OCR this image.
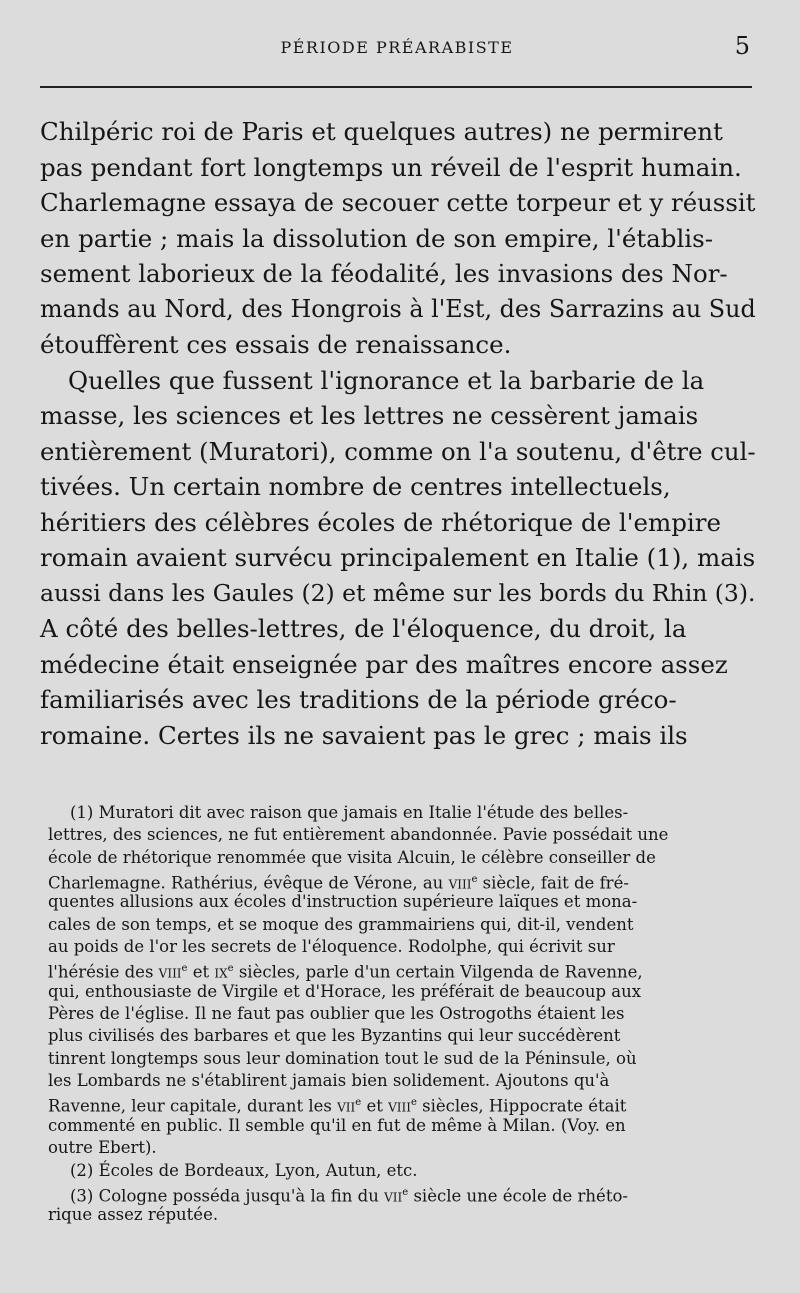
PÉRIODE PRÉARABISTE	5
Chilpéric roi de Paris et quelques autres) ne permirent
pas pendant fort longtemps un réveil de l'esprit humain.
Charlemagne essaya de secouer cette torpeur et y réussit
en partie ; mais la dissolution de son empire, l'établis-
sement laborieux de la féodalité, les invasions des Nor-
mands au Nord, des Hongrois à l'Est, des Sarrazins au Sud
étouffèrent ces essais de renaissance.
Quelles que fussent l'ignorance et la barbarie de la
masse, les sciences et les lettres ne cessèrent jamais
entièrement (Muratori), comme on l'a soutenu, d'être cul-
tivées. Un certain nombre de centres intellectuels,
héritiers des célèbres écoles de rhétorique de l'empire
romain avaient survécu principalement en Italie (1), mais
aussi dans les Gaules (2) et même sur les bords du Rhin (3).
A côté des belles-lettres, de l'éloquence, du droit, la
médecine était enseignée par des maîtres encore assez
familiarisés avec les traditions de la période gréco-
romaine. Certes ils ne savaient pas le grec ; mais ils
(1) Muratori dit avec raison que jamais en Italie l'étude des belles-
lettres, des sciences, ne fut entièrement abandonnée. Pavie possédait une
école de rhétorique renommée que visita Alcuin, le célèbre conseiller de
Charlemagne. Rathérius, évêque de Vérone, au viii$^e$ siècle, fait de fré-
quentes allusions aux écoles d'instruction supérieure laïques et mona-
cales de son temps, et se moque des grammairiens qui, dit-il, vendent
au poids de l'or les secrets de l'éloquence. Rodolphe, qui écrivit sur
l'hérésie des viii$^e$ et $ix^e$ siècles, parle d'un certain Vilgenda de Ravenne,
qui, enthousiaste de Virgile et d'Horace, les préférait de beaucoup aux
Pères de l'église. Il ne faut pas oublier que les Ostrogoths étaient les
plus civilisés des barbares et que les Byzantins qui leur succédèrent
tinrent longtemps sous leur domination tout le sud de la Péninsule, où
les Lombards ne s'établirent jamais bien solidement. Ajoutons qu'à
Ravenne, leur capitale, durant les vii$^e$ et viii$^e$ siècles, Hippocrate était
commenté en public. Il semble qu'il en fut de même à Milan. (Voy. en
outre Ebert).
(2) Écoles de Bordeaux, Lyon, Autun, etc.
(3) Cologne posséda jusqu'à la fin du vii$^e$ siècle une école de rhéto-
rique assez réputée.
